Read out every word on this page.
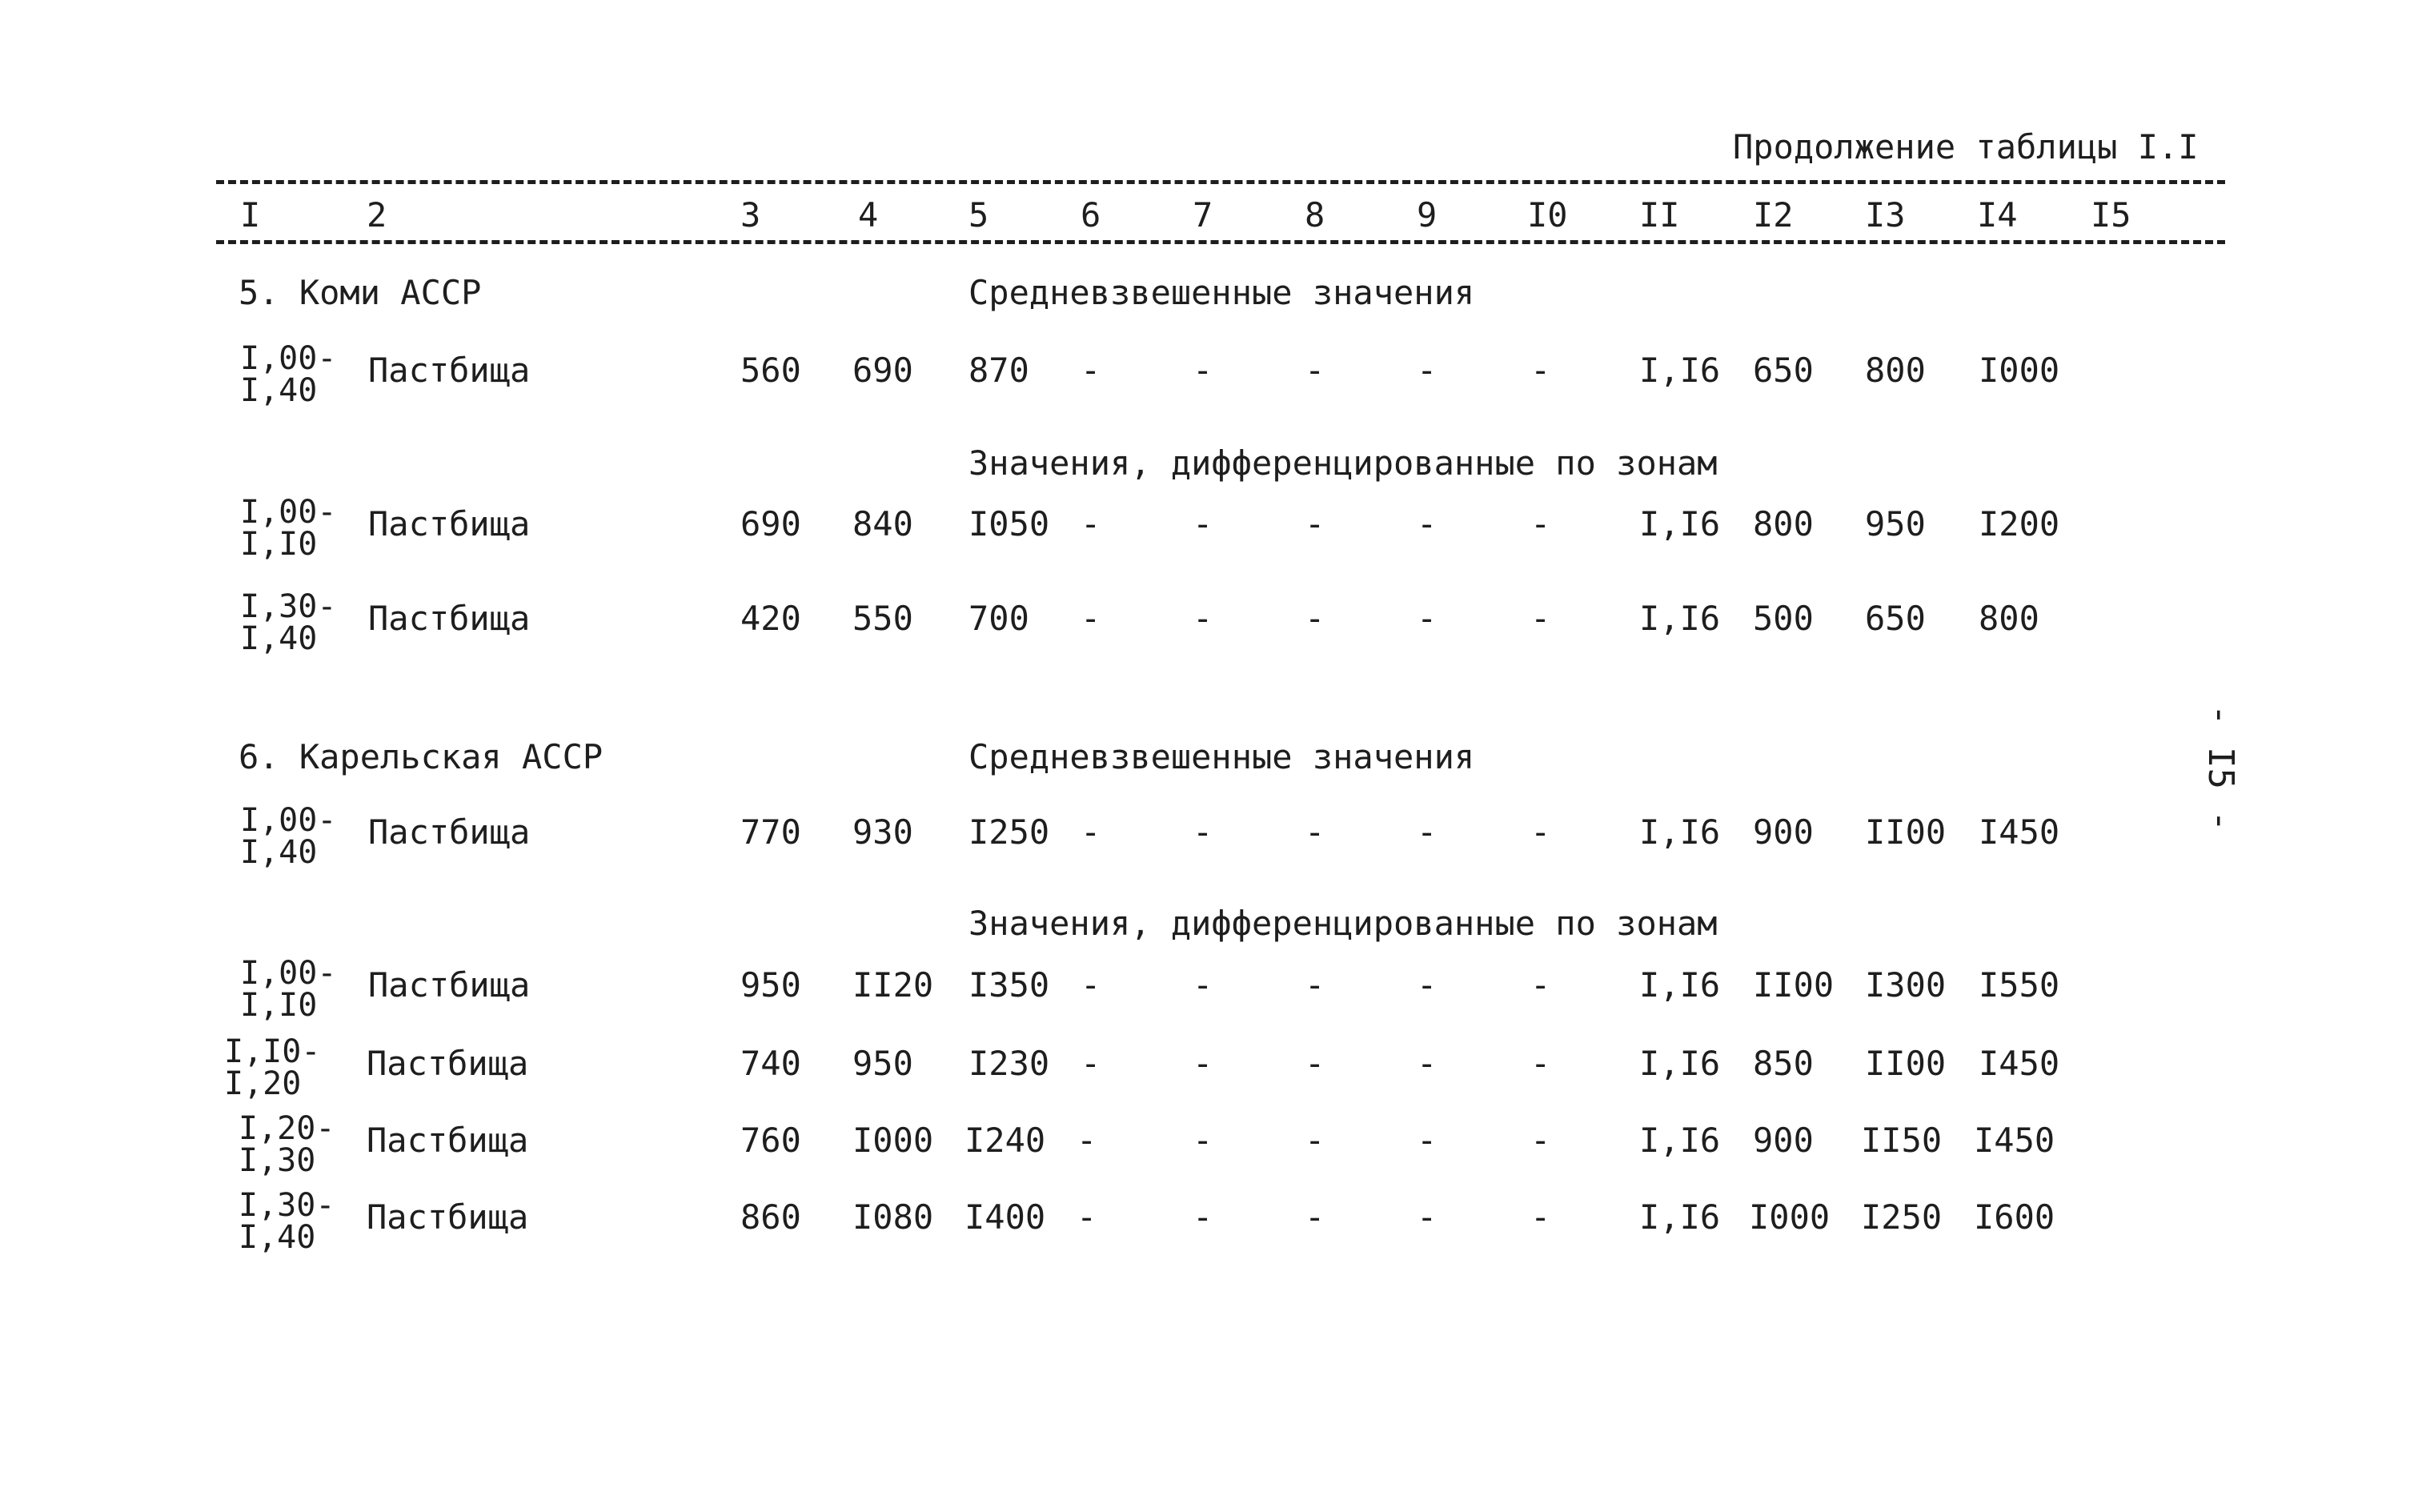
Продолжение таблицы I.I
I	2	3	4	5	6	7	8	9	I0 II I2 I3 I4 I5
5. Коми АССР	Средневзвешенные значения
I,00-
I,40
Пастбища	560 690 870 -	-	-	-	-	I,I6 650 800 I000
Значения, дифференцированные по зонам
I,00-
I,I0
Пастбища	690 840 I050 -	-	-	-	-	I,I6 800 950 I200
I,30-
I,40
Пастбища	420 550 700 -	-	-	-	-	I,I6 500 650 800
6. Карельская АССР	Средневзвешенные значения
I,00-
I,40
Пастбища	770 930 I250 -	-	-	-	-	I,I6 900 II00 I450
Значения, дифференцированные по зонам
I,00-
I,I0
Пастбища	950 II20 I350 -	-	-	-	-	I,I6 II00 I300 I550
I,I0-
I,20
Пастбища	740 950 I230 -	-	-	-	-	I,I6 850 II00 I450
I,20-
I,30
Пастбища	760 I000 I240 -	-	-	-	-	I,I6 900 II50 I450
I,30-
I,40
Пастбища	860 I080 I400 -	-	-	-	-	I,I6 I000 I250 I600
- I5 -
